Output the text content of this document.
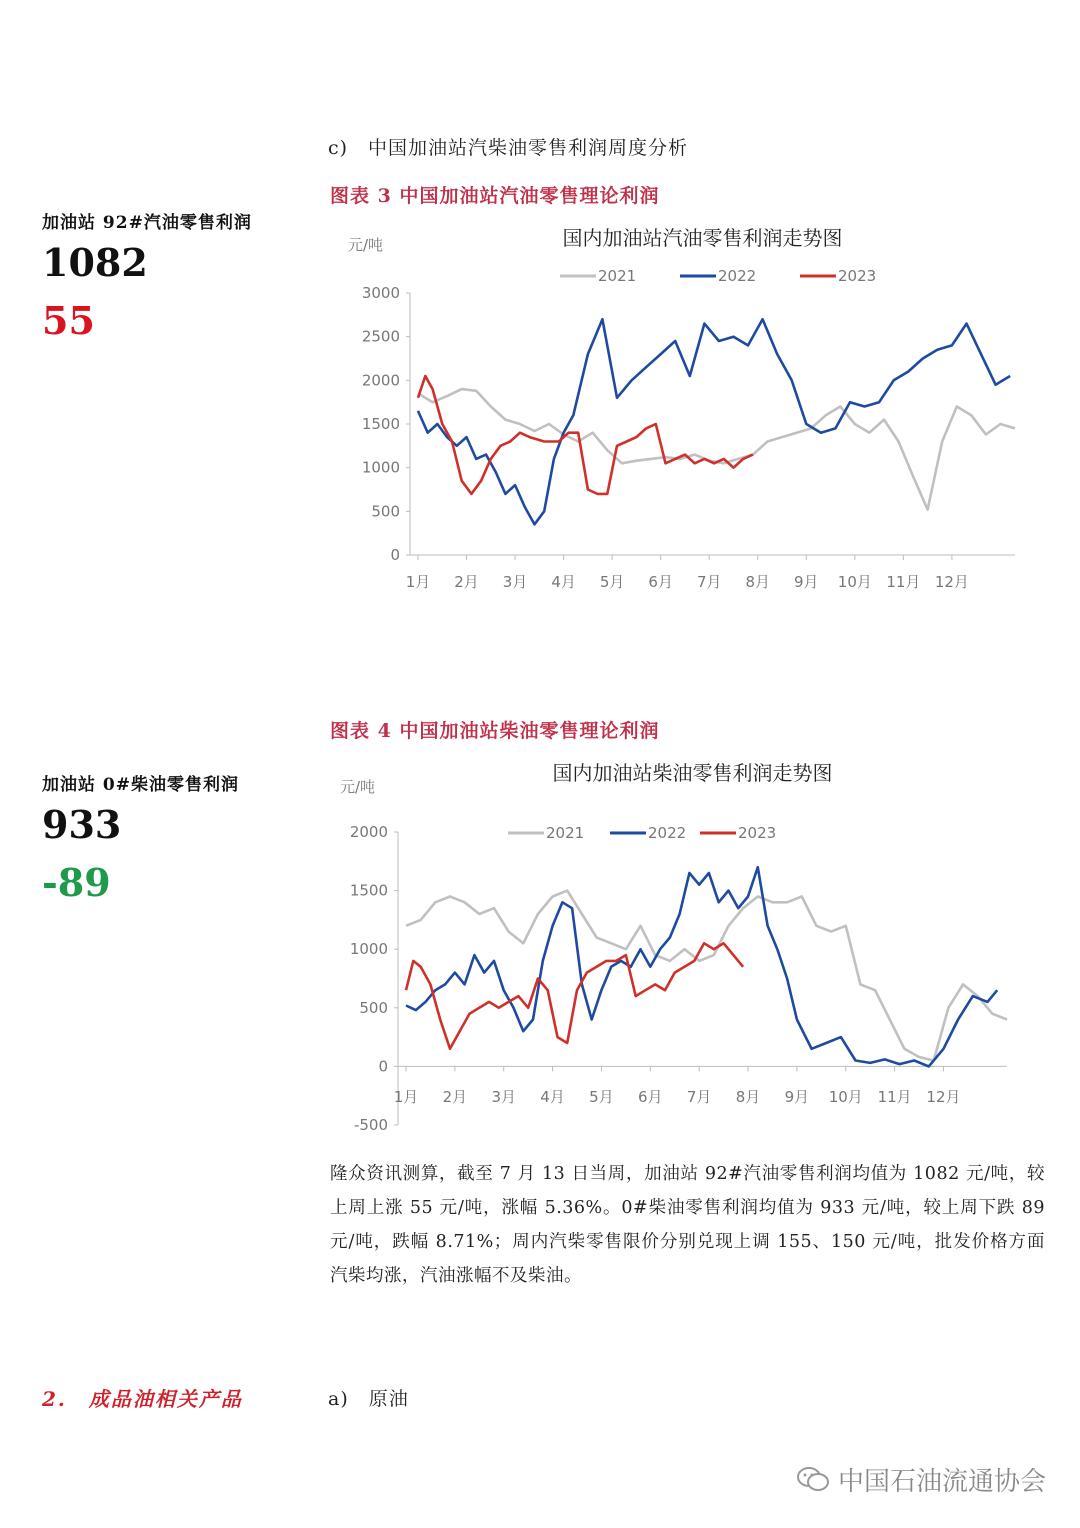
c)　中国加油站汽柴油零售利润周度分析
图表 3 中国加油站汽油零售理论利润
加油站 92#汽油零售利润
1082
55
国内加油站汽油零售利润走势图
元/吨
0
500
1000
1500
2000
2500
3000
1月 2月 3月 4月 5月 6月 7月 8月 9月 10月 11月 12月
2021	2022	2023
图表 4 中国加油站柴油零售理论利润
加油站 0#柴油零售利润
933
-89
国内加油站柴油零售利润走势图
元/吨
-500
0
500
1000
1500
2000
1月 2月 3月 4月 5月 6月 7月 8月 9月 10月 11月 12月
2021	2022	2023
隆众资讯测算，截至 7 月 13 日当周，加油站 92#汽油零售利润均值为 1082 元/吨，较上周上涨 55 元/吨，涨幅 5.36%。0#柴油零售利润均值为 933 元/吨，较上周下跌 89 元/吨，跌幅 8.71%；周内汽柴零售限价分别兑现上调 155、150 元/吨，批发价格方面汽柴均涨，汽油涨幅不及柴油。
2.　成品油相关产品	a)　原油
中国石油流通协会
